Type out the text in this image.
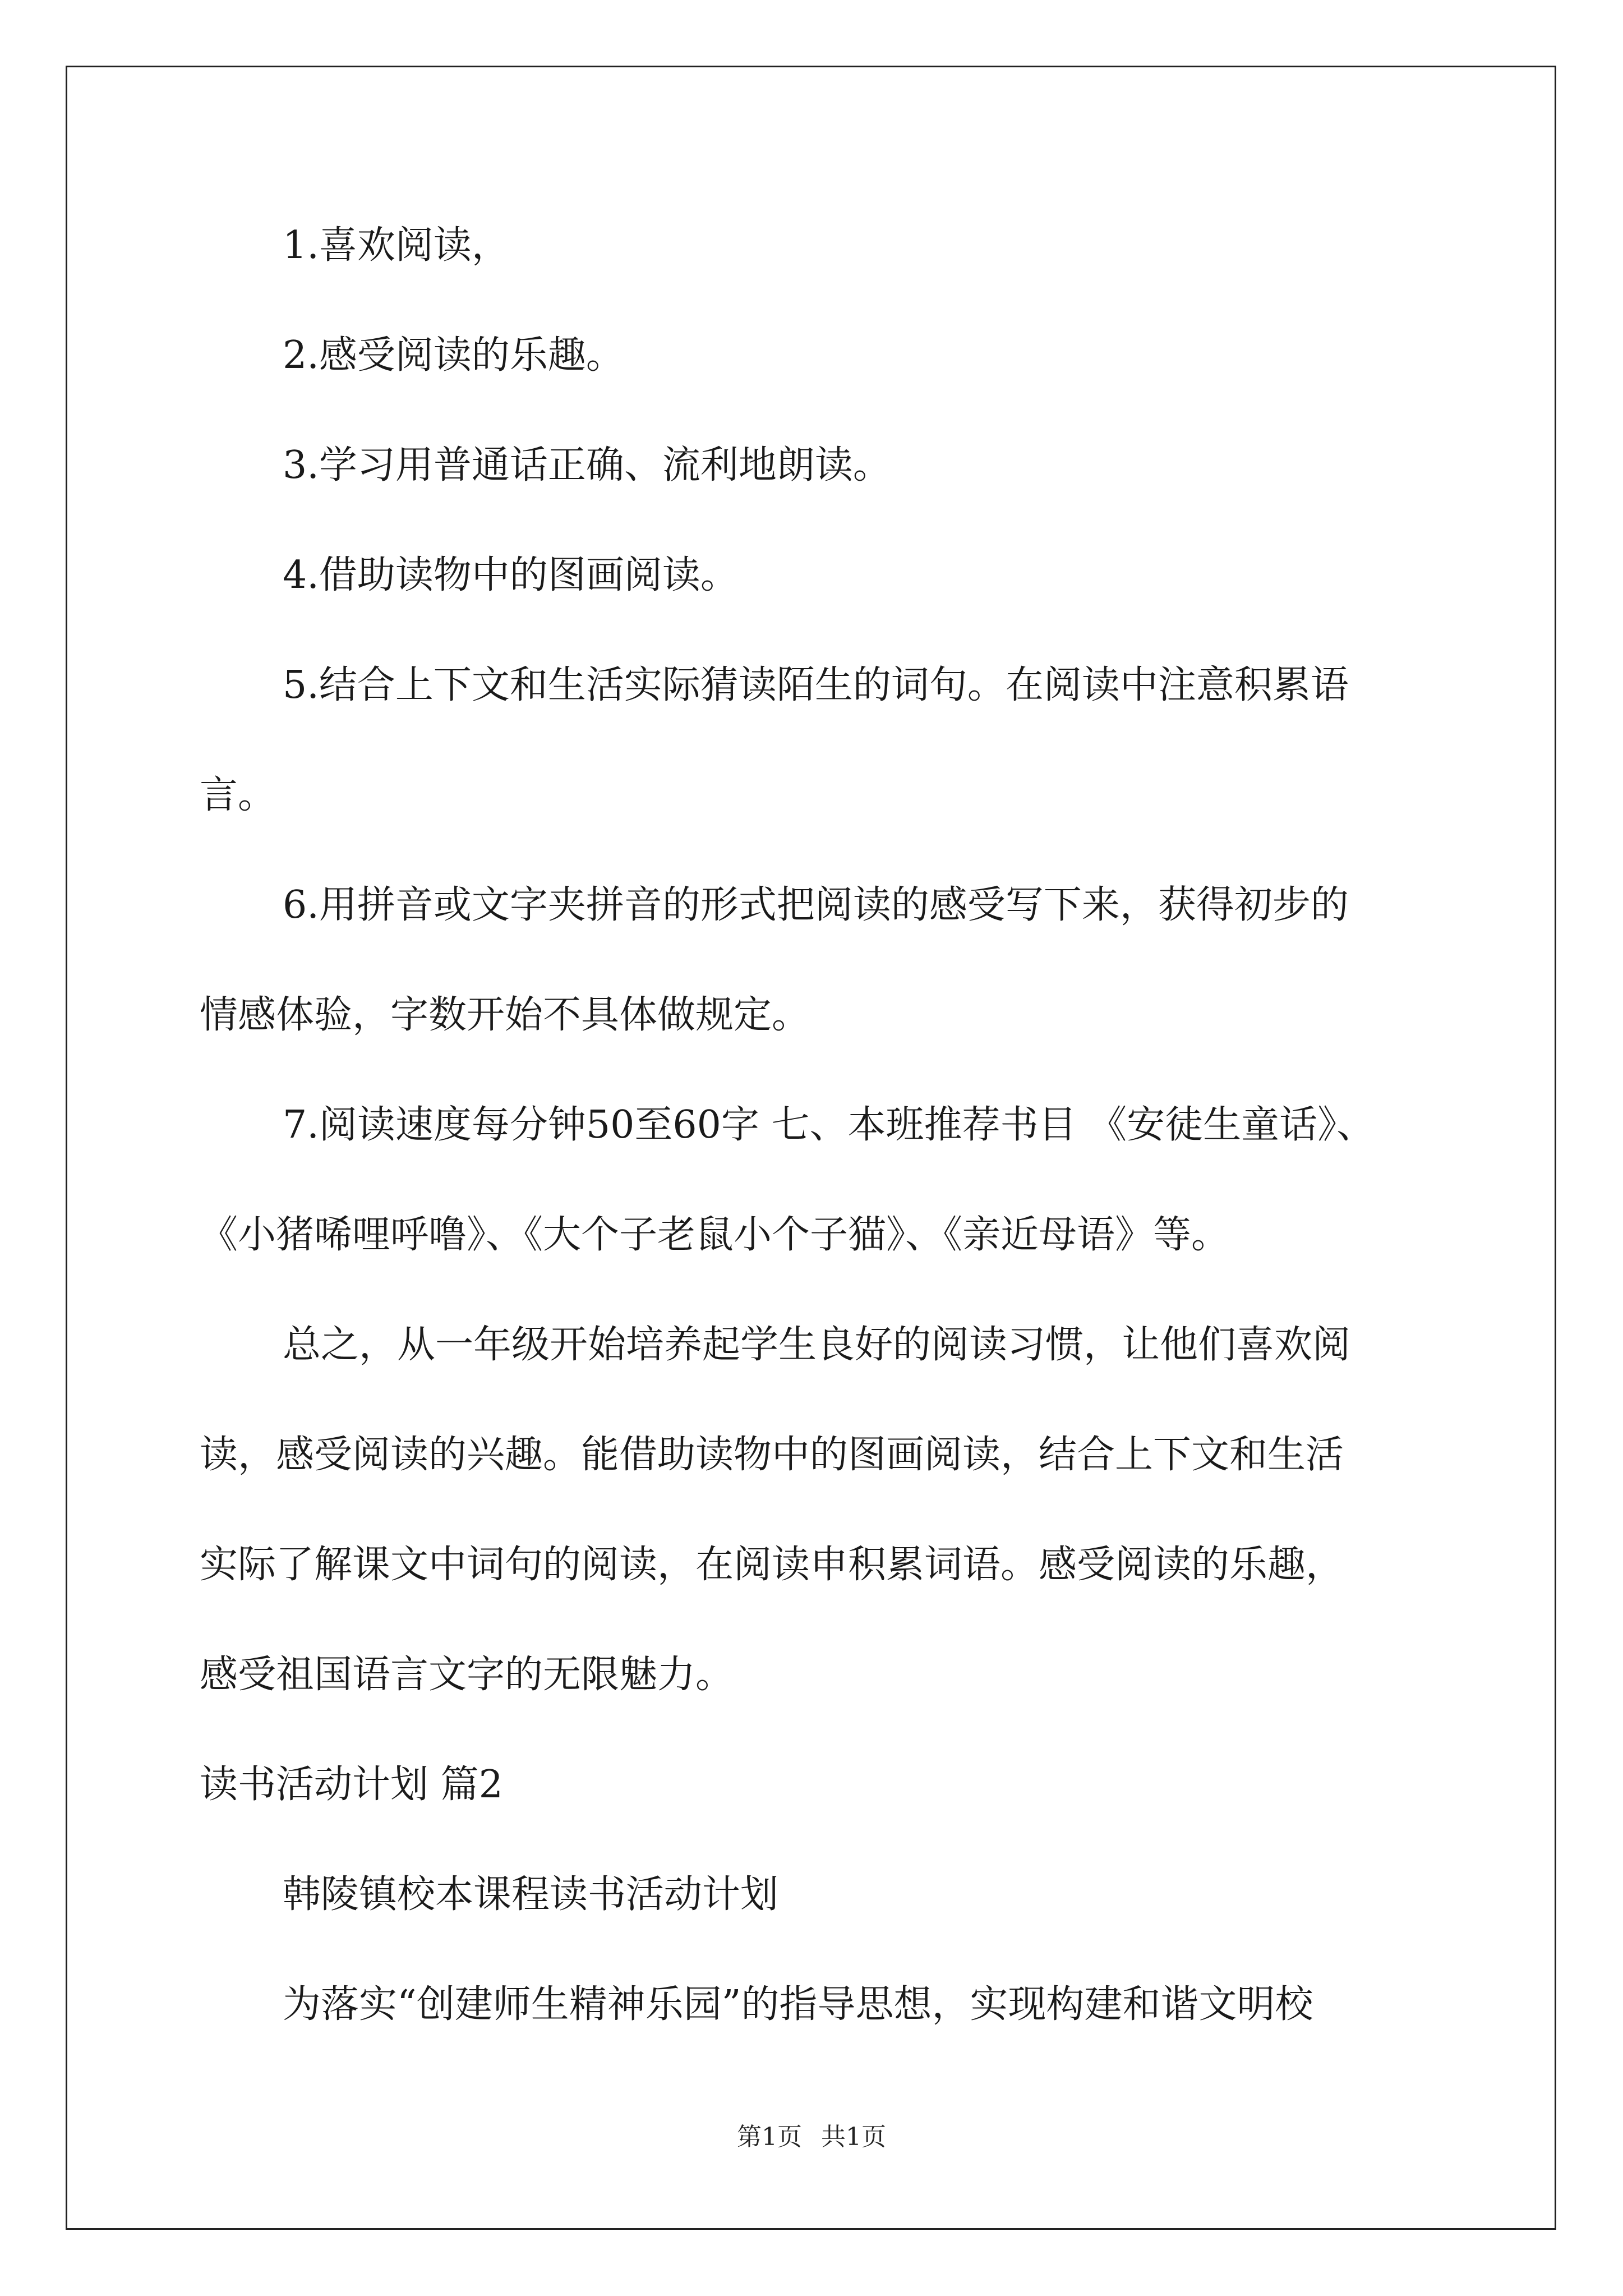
1.喜欢阅读，
2.感受阅读的乐趣。
3.学习用普通话正确、流利地朗读。
4.借助读物中的图画阅读。
5.结合上下文和生活实际猜读陌生的词句。在阅读中注意积累语
言。
6.用拼音或文字夹拼音的形式把阅读的感受写下来，获得初步的
情感体验，字数开始不具体做规定。
7.阅读速度每分钟50至60字 七、本班推荐书目 《安徒生童话》、
《小猪唏哩呼噜》、《大个子老鼠小个子猫》、《亲近母语》等。
总之，从一年级开始培养起学生良好的阅读习惯，让他们喜欢阅
读，感受阅读的兴趣。能借助读物中的图画阅读，结合上下文和生活
实际了解课文中词句的阅读，在阅读申积累词语。感受阅读的乐趣，
感受祖国语言文字的无限魅力。
读书活动计划 篇2
韩陵镇校本课程读书活动计划
为落实“创建师生精神乐园”的指导思想，实现构建和谐文明校
第1页 共1页
